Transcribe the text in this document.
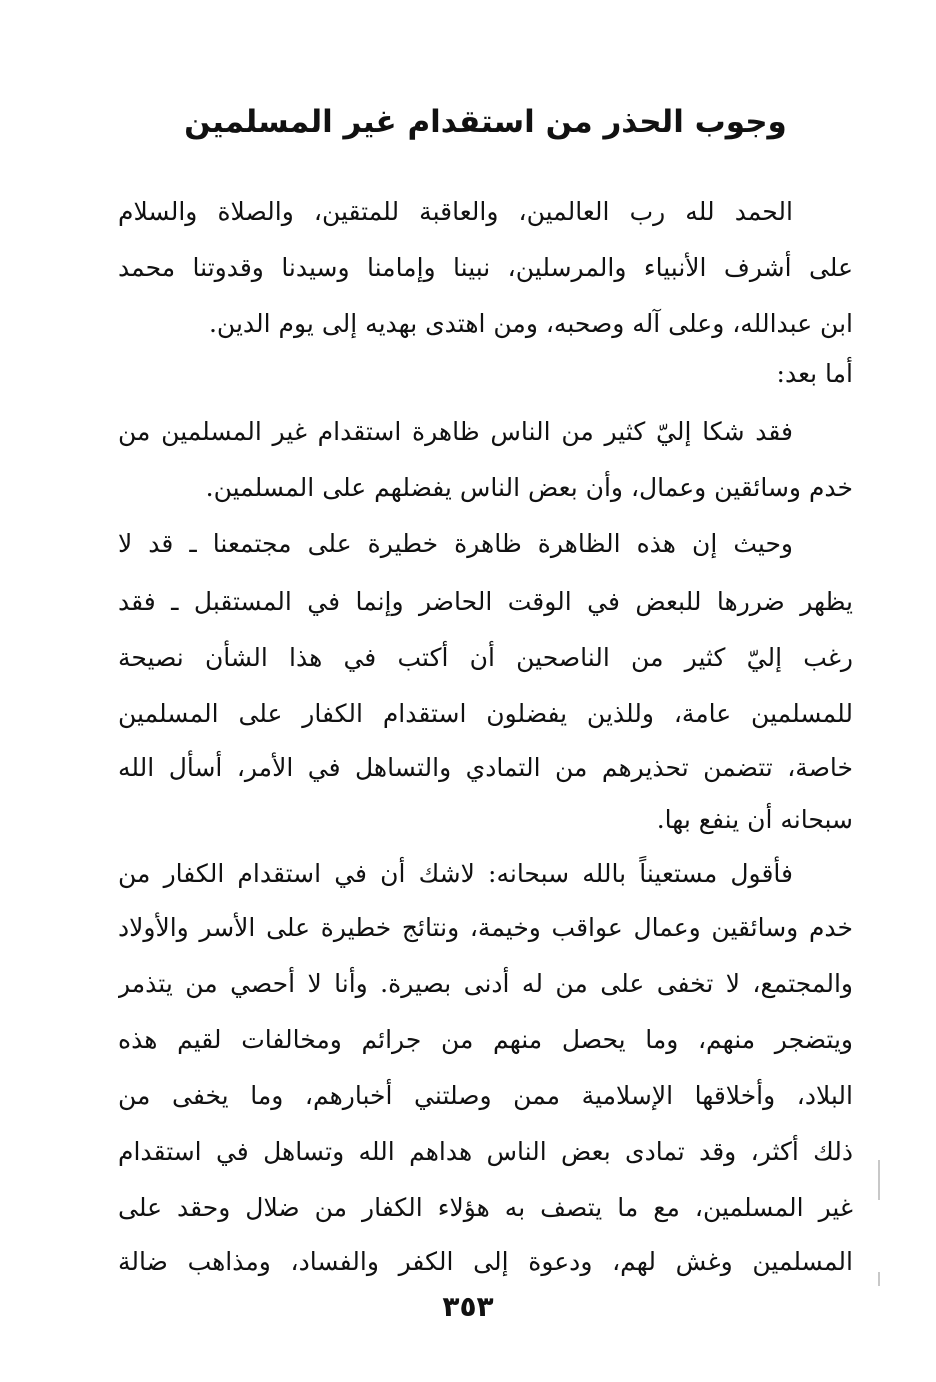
وجوب الحذر من استقدام غير المسلمين
الحمد لله رب العالمين، والعاقبة للمتقين، والصلاة والسلام
على أشرف الأنبياء والمرسلين، نبينا وإمامنا وسيدنا وقدوتنا محمد
ابن عبدالله، وعلى آله وصحبه، ومن اهتدى بهديه إلى يوم الدين.
أما بعد:
فقد شكا إليّ كثير من الناس ظاهرة استقدام غير المسلمين من
خدم وسائقين وعمال، وأن بعض الناس يفضلهم على المسلمين.
وحيث إن هذه الظاهرة ظاهرة خطيرة على مجتمعنا ـ قد لا
يظهر ضررها للبعض في الوقت الحاضر وإنما في المستقبل ـ فقد
رغب إليّ كثير من الناصحين أن أكتب في هذا الشأن نصيحة
للمسلمين عامة، وللذين يفضلون استقدام الكفار على المسلمين
خاصة، تتضمن تحذيرهم من التمادي والتساهل في الأمر، أسأل الله
سبحانه أن ينفع بها.
فأقول مستعيناً بالله سبحانه: لاشك أن في استقدام الكفار من
خدم وسائقين وعمال عواقب وخيمة، ونتائج خطيرة على الأسر والأولاد
والمجتمع، لا تخفى على من له أدنى بصيرة. وأنا لا أحصي من يتذمر
ويتضجر منهم، وما يحصل منهم من جرائم ومخالفات لقيم هذه
البلاد، وأخلاقها الإسلامية ممن وصلتني أخبارهم، وما يخفى من
ذلك أكثر، وقد تمادى بعض الناس هداهم الله وتساهل في استقدام
غير المسلمين، مع ما يتصف به هؤلاء الكفار من ضلال وحقد على
المسلمين وغش لهم، ودعوة إلى الكفر والفساد، ومذاهب ضالة
٣٥٣
